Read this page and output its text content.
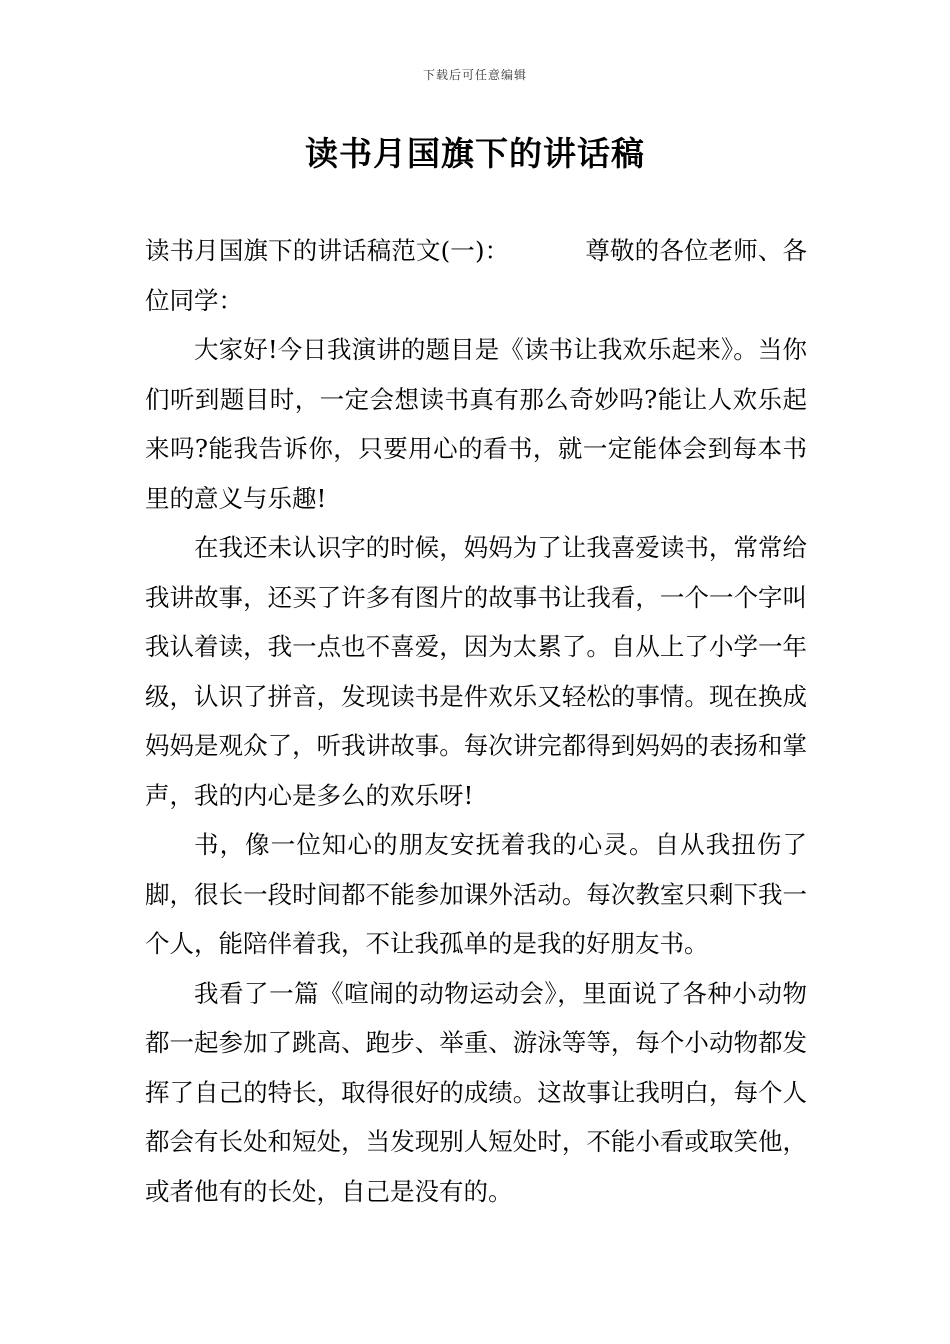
下载后可任意编辑
读书月国旗下的讲话稿

读书月国旗下的讲话稿范文(一)：	尊敬的各位老师、各位同学：

大家好!今日我演讲的题目是《读书让我欢乐起来》。当你们听到题目时，一定会想读书真有那么奇妙吗?能让人欢乐起来吗?能我告诉你，只要用心的看书，就一定能体会到每本书里的意义与乐趣!

在我还未认识字的时候，妈妈为了让我喜爱读书，常常给我讲故事，还买了许多有图片的故事书让我看，一个一个字叫我认着读，我一点也不喜爱，因为太累了。自从上了小学一年级，认识了拼音，发现读书是件欢乐又轻松的事情。现在换成妈妈是观众了，听我讲故事。每次讲完都得到妈妈的表扬和掌声，我的内心是多么的欢乐呀!

书，像一位知心的朋友安抚着我的心灵。自从我扭伤了脚，很长一段时间都不能参加课外活动。每次教室只剩下我一个人，能陪伴着我，不让我孤单的是我的好朋友书。

我看了一篇《喧闹的动物运动会》，里面说了各种小动物都一起参加了跳高、跑步、举重、游泳等等，每个小动物都发挥了自己的特长，取得很好的成绩。这故事让我明白，每个人都会有长处和短处，当发现别人短处时，不能小看或取笑他，或者他有的长处，自己是没有的。
